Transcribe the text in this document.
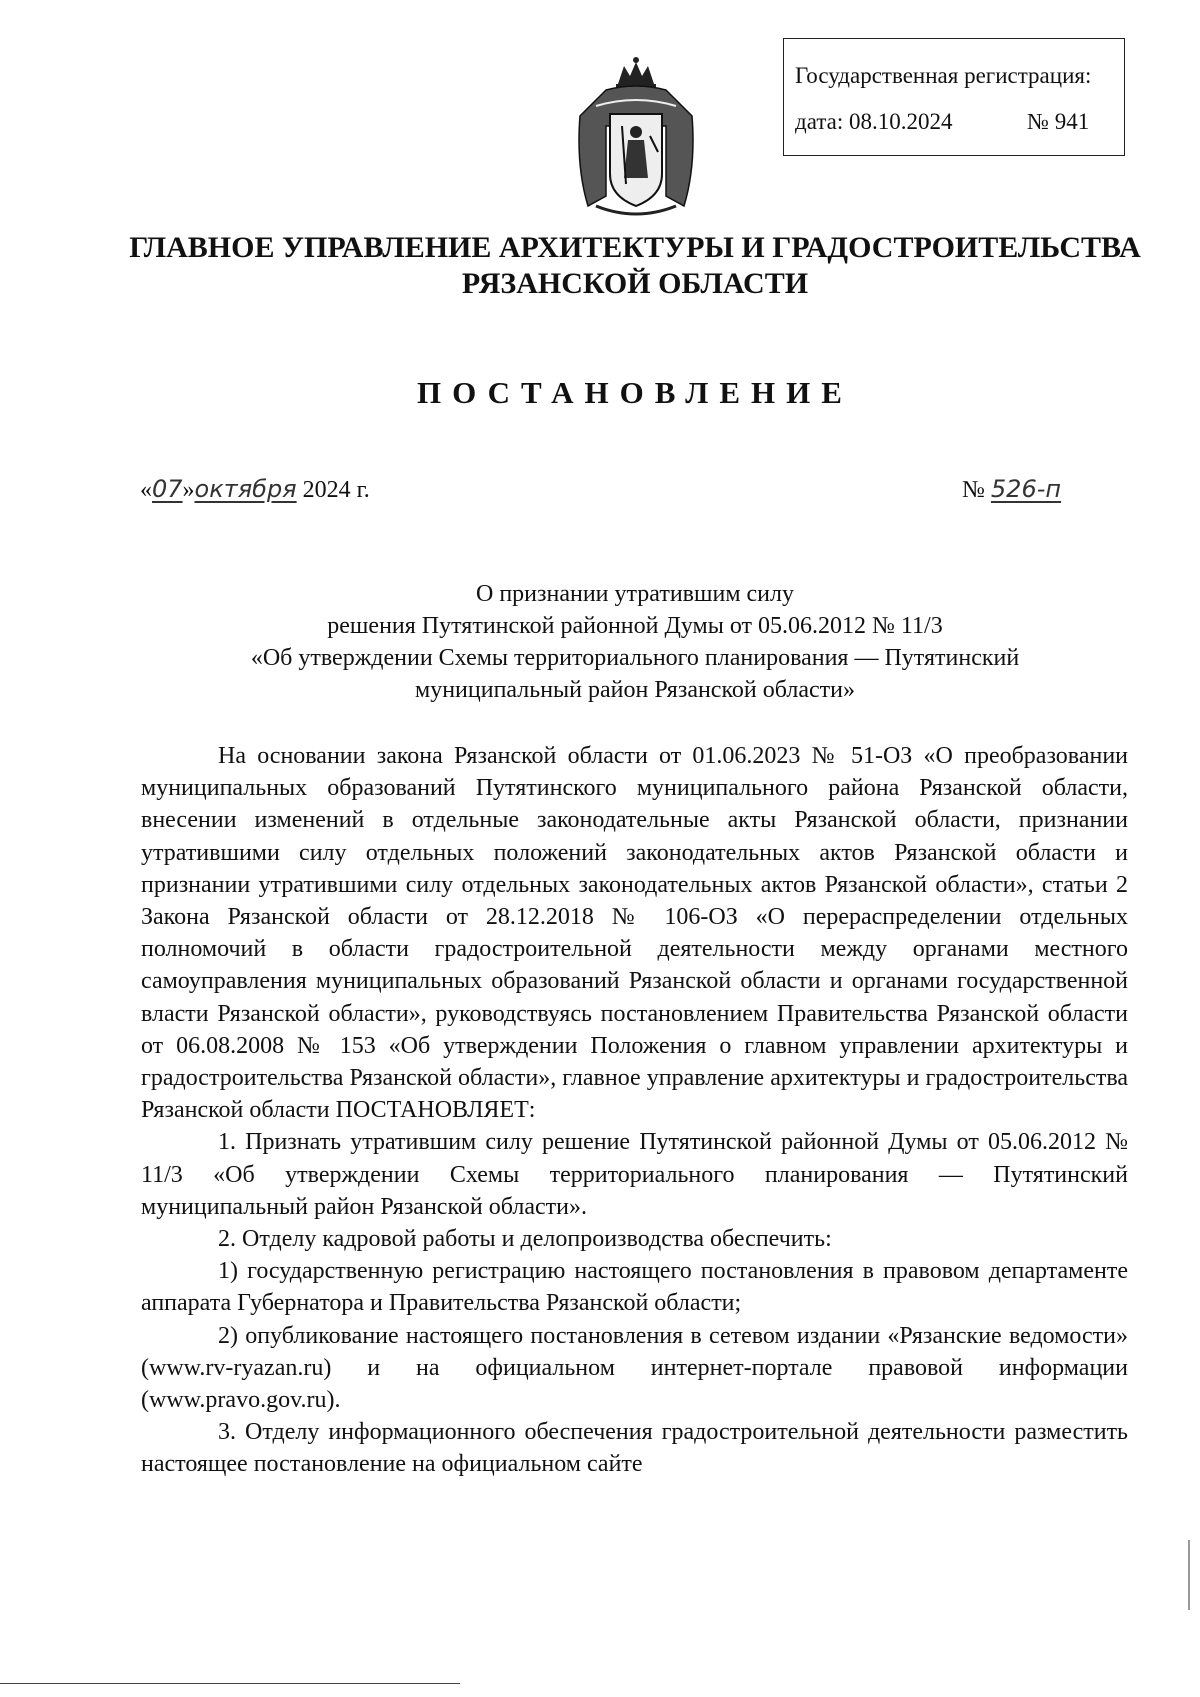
Государственная регистрация:
дата: 08.10.2024	№ 941
ГЛАВНОЕ УПРАВЛЕНИЕ АРХИТЕКТУРЫ И ГРАДОСТРОИТЕЛЬСТВА
РЯЗАНСКОЙ ОБЛАСТИ
ПОСТАНОВЛЕНИЕ
«07»октября 2024 г.	№ 526-п
О признании утратившим силу
решения Путятинской районной Думы от 05.06.2012 № 11/3
«Об утверждении Схемы территориального планирования — Путятинский
муниципальный район Рязанской области»

На основании закона Рязанской области от 01.06.2023 № 51-ОЗ «О преобразовании муниципальных образований Путятинского муниципального района Рязанской области, внесении изменений в отдельные законодательные акты Рязанской области, признании утратившими силу отдельных положений законодательных актов Рязанской области и признании утратившими силу отдельных законодательных актов Рязанской области», статьи 2 Закона Рязанской области от 28.12.2018 № 106-ОЗ «О перераспределении отдельных полномочий в области градостроительной деятельности между органами местного самоуправления муниципальных образований Рязанской области и органами государственной власти Рязанской области», руководствуясь постановлением Правительства Рязанской области от 06.08.2008 № 153 «Об утверждении Положения о главном управлении архитектуры и градостроительства Рязанской области», главное управление архитектуры и градостроительства Рязанской области ПОСТАНОВЛЯЕТ:

1. Признать утратившим силу решение Путятинской районной Думы от 05.06.2012 № 11/3 «Об утверждении Схемы территориального планирования — Путятинский муниципальный район Рязанской области».

2. Отделу кадровой работы и делопроизводства обеспечить:

1) государственную регистрацию настоящего постановления в правовом департаменте аппарата Губернатора и Правительства Рязанской области;

2) опубликование настоящего постановления в сетевом издании «Рязанские ведомости» (www.rv-ryazan.ru) и на официальном интернет-портале правовой информации (www.pravo.gov.ru).

3. Отделу информационного обеспечения градостроительной деятельности разместить настоящее постановление на официальном сайте
